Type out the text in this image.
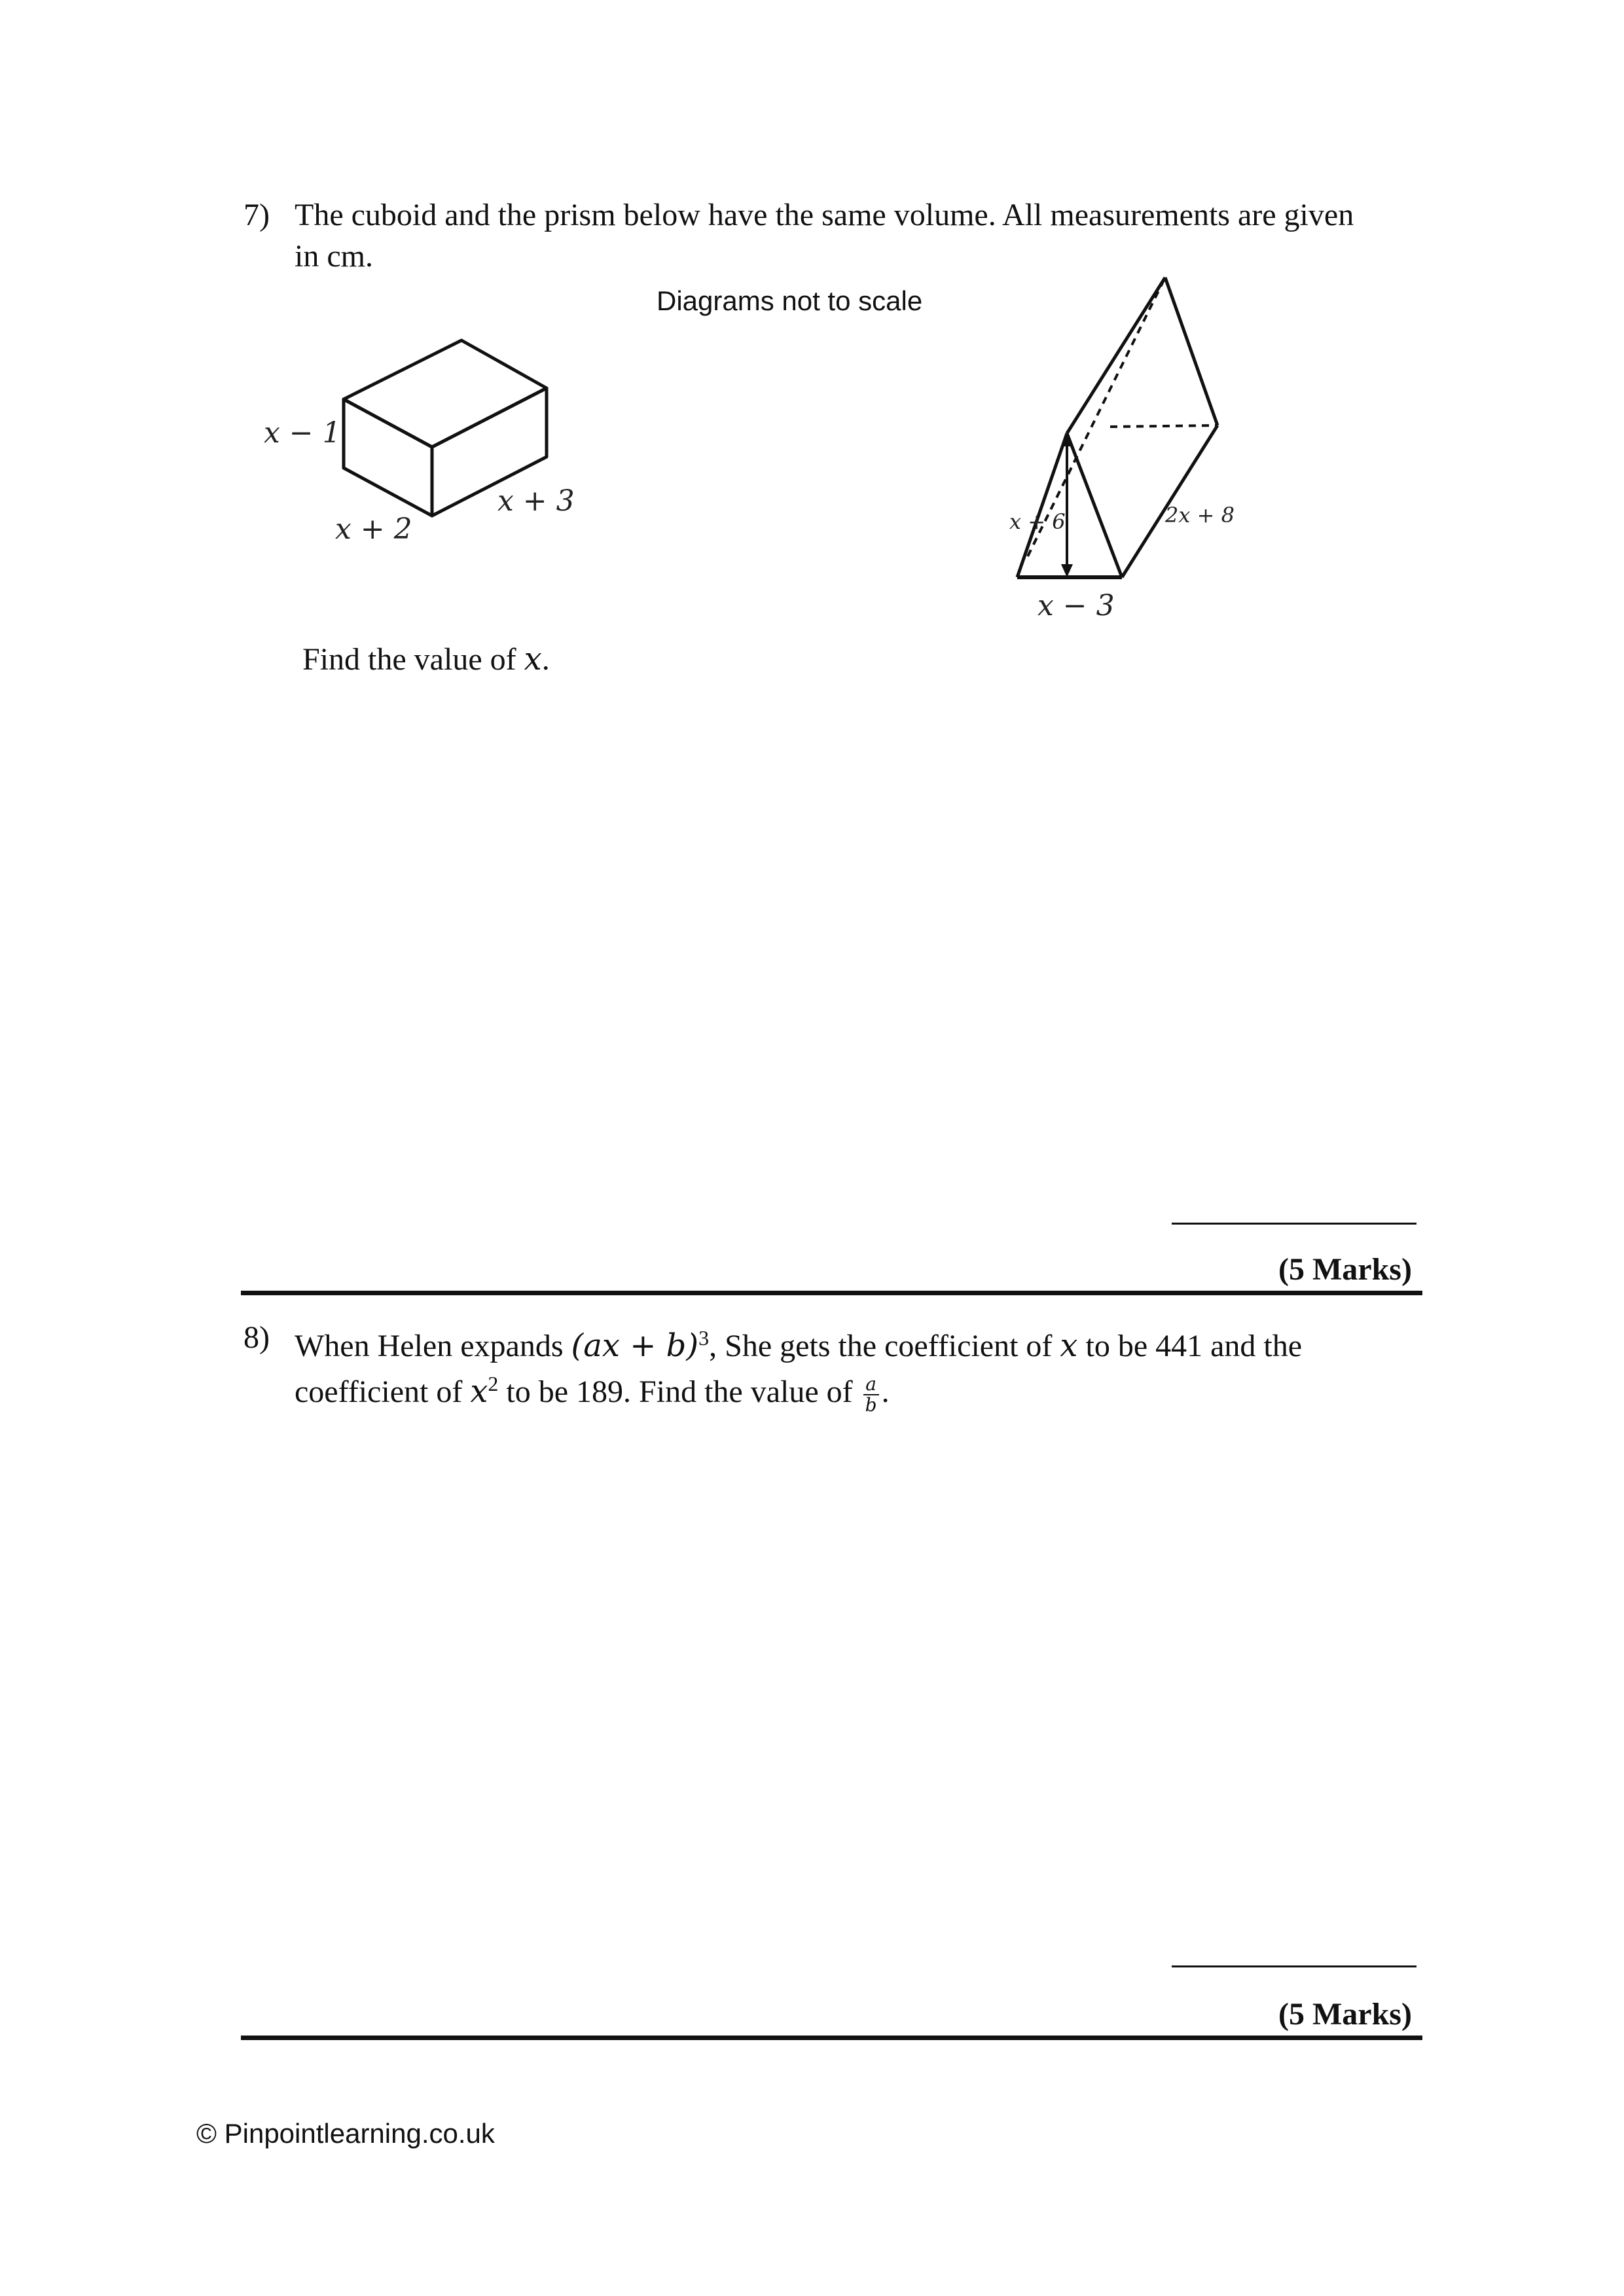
7) The cuboid and the prism below have the same volume. All measurements are given
in cm.
Diagrams not to scale
x − 1
x + 2
x + 3
x + 6	2x + 8
x − 3
Find the value of x.
(5 Marks)
8) When Helen expands (ax + b)$^3$, She gets the coefficient of x to be 441 and the
coefficient of $x^2$ to be 189. Find the value of $\frac{a}{b}$ .
(5 Marks)
© Pinpointlearning.co.uk
